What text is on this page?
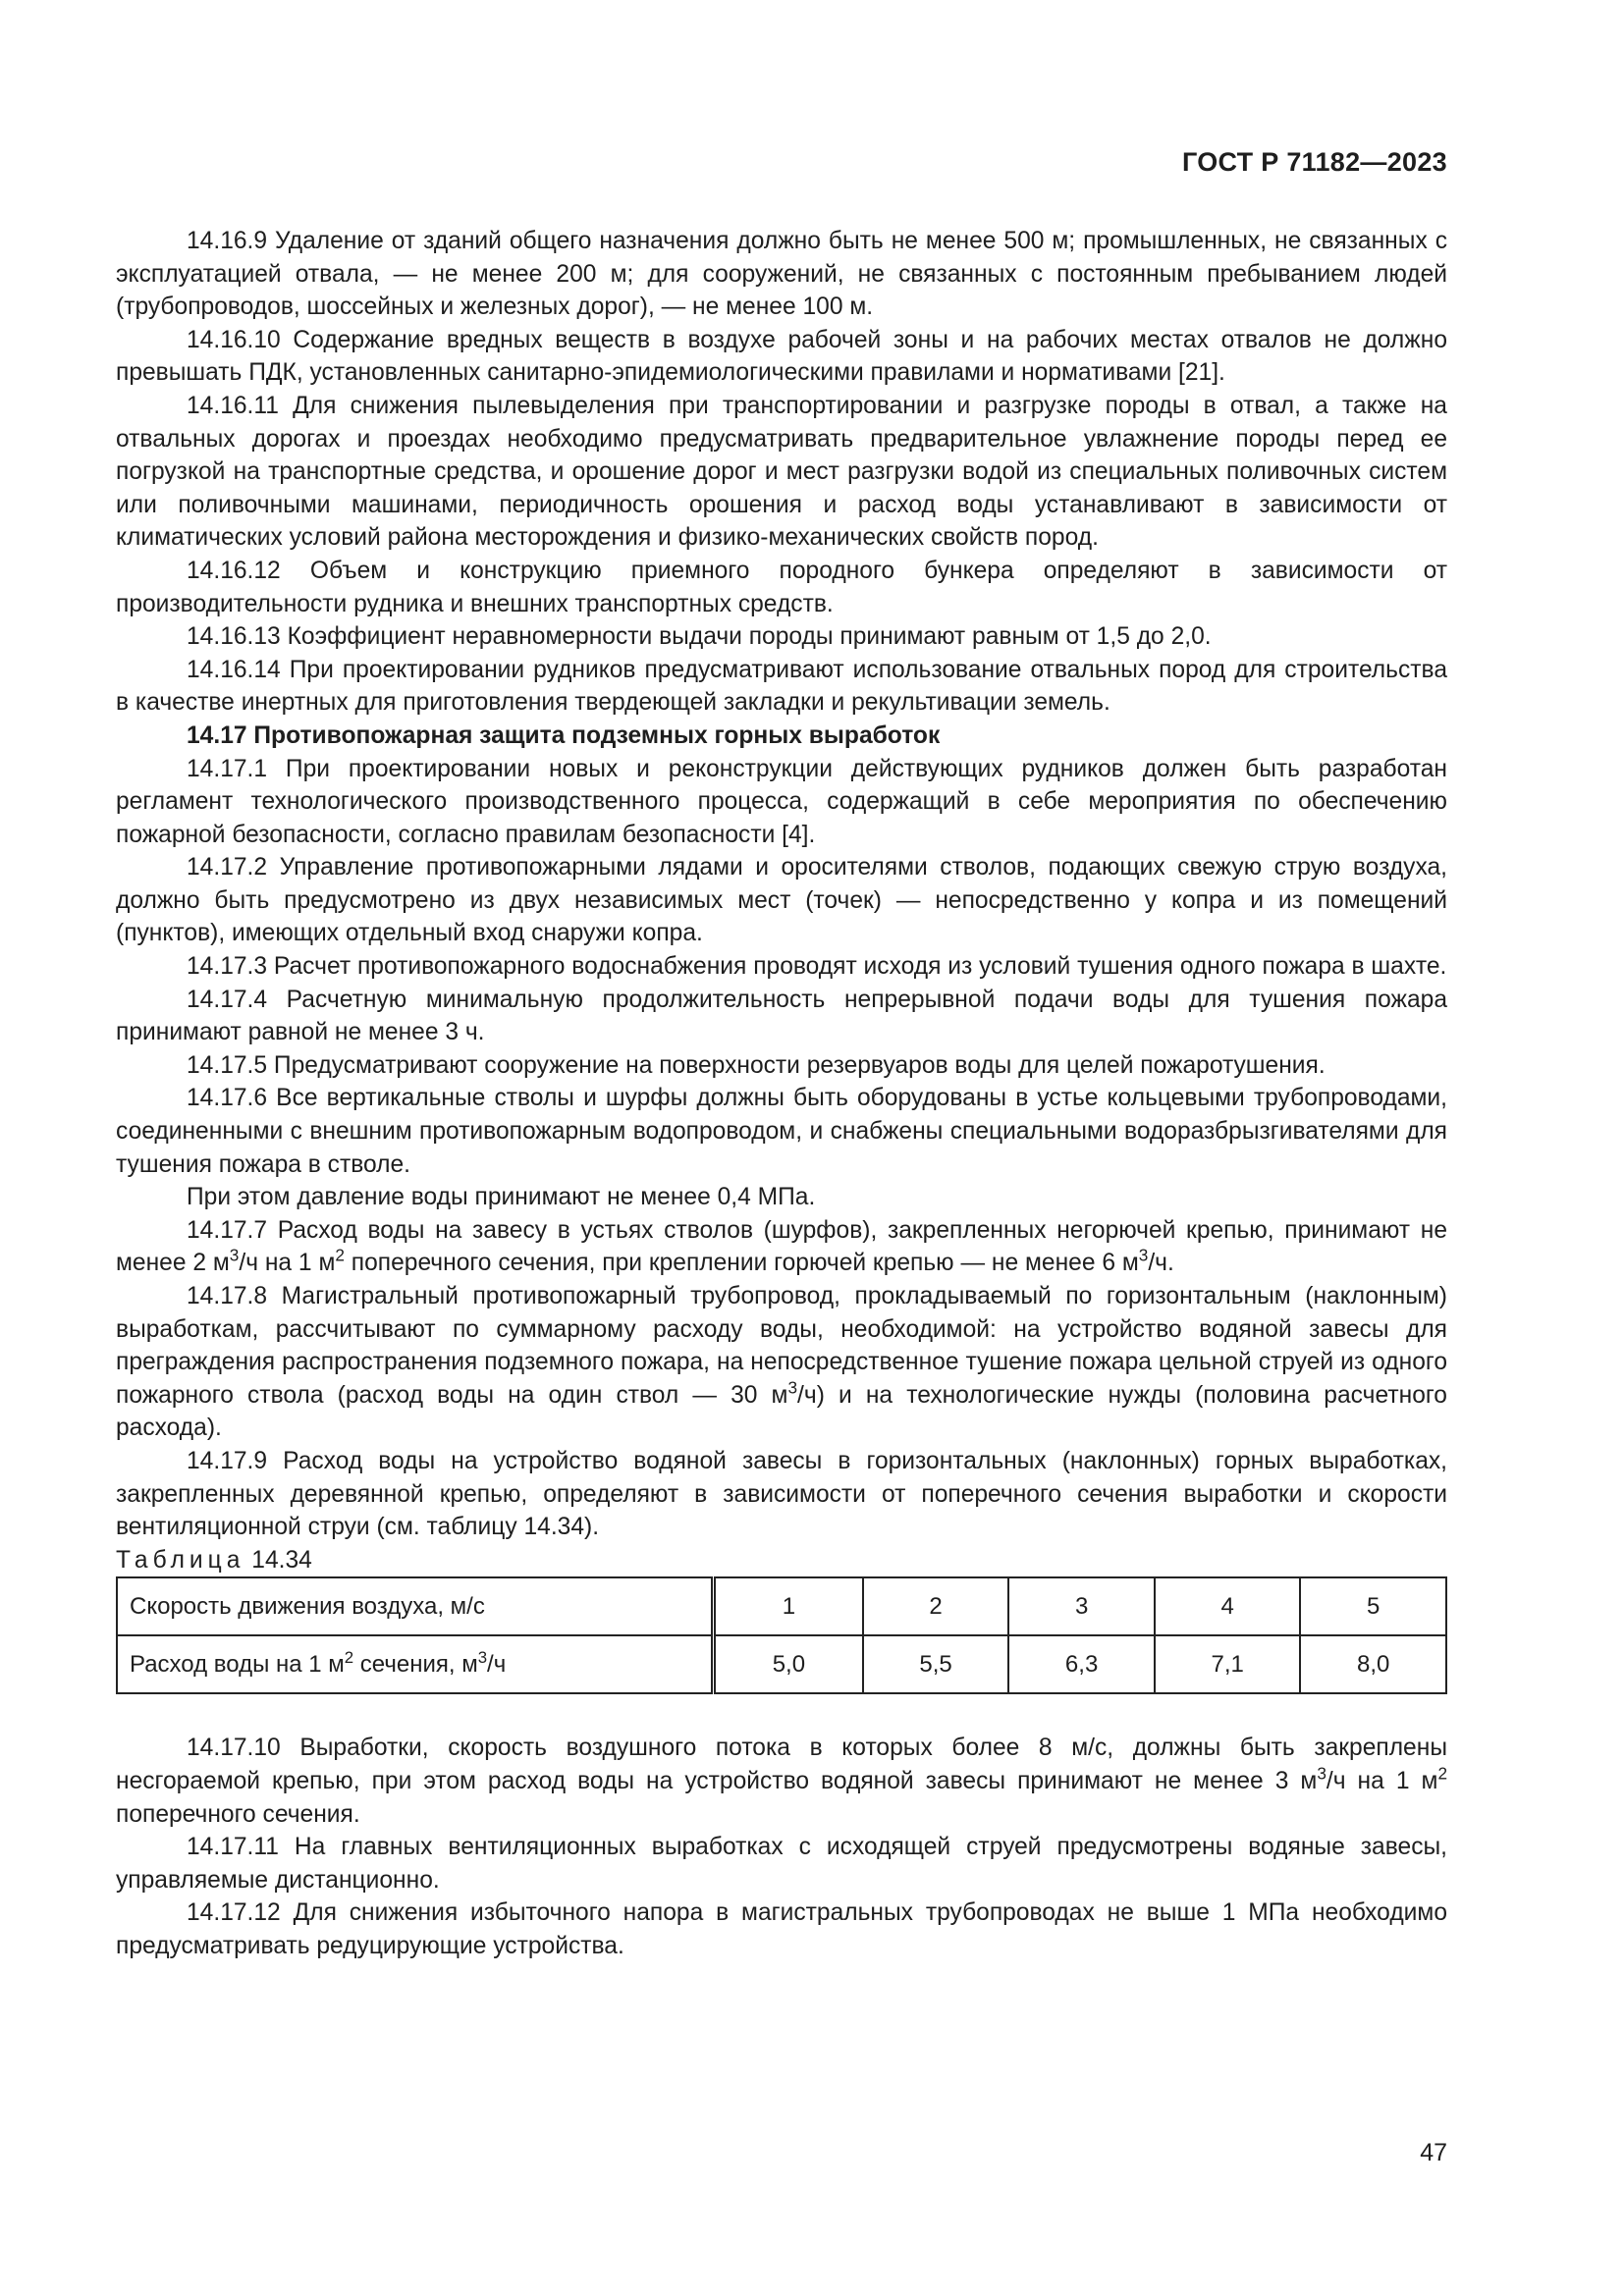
ГОСТ Р 71182—2023

14.16.9 Удаление от зданий общего назначения должно быть не менее 500 м; промышленных, не связанных с эксплуатацией отвала, — не менее 200 м; для сооружений, не связанных с постоянным пребыванием людей (трубопроводов, шоссейных и железных дорог), — не менее 100 м.

14.16.10 Содержание вредных веществ в воздухе рабочей зоны и на рабочих местах отвалов не должно превышать ПДК, установленных санитарно-эпидемиологическими правилами и нормативами [21].

14.16.11 Для снижения пылевыделения при транспортировании и разгрузке породы в отвал, а также на отвальных дорогах и проездах необходимо предусматривать предварительное увлажнение породы перед ее погрузкой на транспортные средства, и орошение дорог и мест разгрузки водой из специальных поливочных систем или поливочными машинами, периодичность орошения и расход воды устанавливают в зависимости от климатических условий района месторождения и физико-механических свойств пород.

14.16.12 Объем и конструкцию приемного породного бункера определяют в зависимости от производительности рудника и внешних транспортных средств.

14.16.13 Коэффициент неравномерности выдачи породы принимают равным от 1,5 до 2,0.

14.16.14 При проектировании рудников предусматривают использование отвальных пород для строительства в качестве инертных для приготовления твердеющей закладки и рекультивации земель.

14.17 Противопожарная защита подземных горных выработок

14.17.1 При проектировании новых и реконструкции действующих рудников должен быть разработан регламент технологического производственного процесса, содержащий в себе мероприятия по обеспечению пожарной безопасности, согласно правилам безопасности [4].

14.17.2 Управление противопожарными лядами и оросителями стволов, подающих свежую струю воздуха, должно быть предусмотрено из двух независимых мест (точек) — непосредственно у копра и из помещений (пунктов), имеющих отдельный вход снаружи копра.

14.17.3 Расчет противопожарного водоснабжения проводят исходя из условий тушения одного пожара в шахте.

14.17.4 Расчетную минимальную продолжительность непрерывной подачи воды для тушения пожара принимают равной не менее 3 ч.

14.17.5 Предусматривают сооружение на поверхности резервуаров воды для целей пожаротушения.

14.17.6 Все вертикальные стволы и шурфы должны быть оборудованы в устье кольцевыми трубопроводами, соединенными с внешним противопожарным водопроводом, и снабжены специальными водоразбрызгивателями для тушения пожара в стволе.

При этом давление воды принимают не менее 0,4 МПа.

14.17.7 Расход воды на завесу в устьях стволов (шурфов), закрепленных негорючей крепью, принимают не менее 2 $м^3/ч$ на 1 $м^2$ поперечного сечения, при креплении горючей крепью — не менее 6 $м^3/ч$.

14.17.8 Магистральный противопожарный трубопровод, прокладываемый по горизонтальным (наклонным) выработкам, рассчитывают по суммарному расходу воды, необходимой: на устройство водяной завесы для преграждения распространения подземного пожара, на непосредственное тушение пожара цельной струей из одного пожарного ствола (расход воды на один ствол — 30 $м^3/ч$) и на технологические нужды (половина расчетного расхода).

14.17.9 Расход воды на устройство водяной завесы в горизонтальных (наклонных) горных выработках, закрепленных деревянной крепью, определяют в зависимости от поперечного сечения выработки и скорости вентиляционной струи (см. таблицу 14.34).

Таблица 14.34

Скорость движения воздуха, м/с	1	2	3	4	5
Расход воды на 1 $м^2$ сечения, $м^3/ч$	5,0	5,5	6,3	7,1	8,0

14.17.10 Выработки, скорость воздушного потока в которых более 8 м/с, должны быть закреплены несгораемой крепью, при этом расход воды на устройство водяной завесы принимают не менее 3 $м^3/ч$ на 1 $м^2$ поперечного сечения.

14.17.11 На главных вентиляционных выработках с исходящей струей предусмотрены водяные завесы, управляемые дистанционно.

14.17.12 Для снижения избыточного напора в магистральных трубопроводах не выше 1 МПа необходимо предусматривать редуцирующие устройства.

47
